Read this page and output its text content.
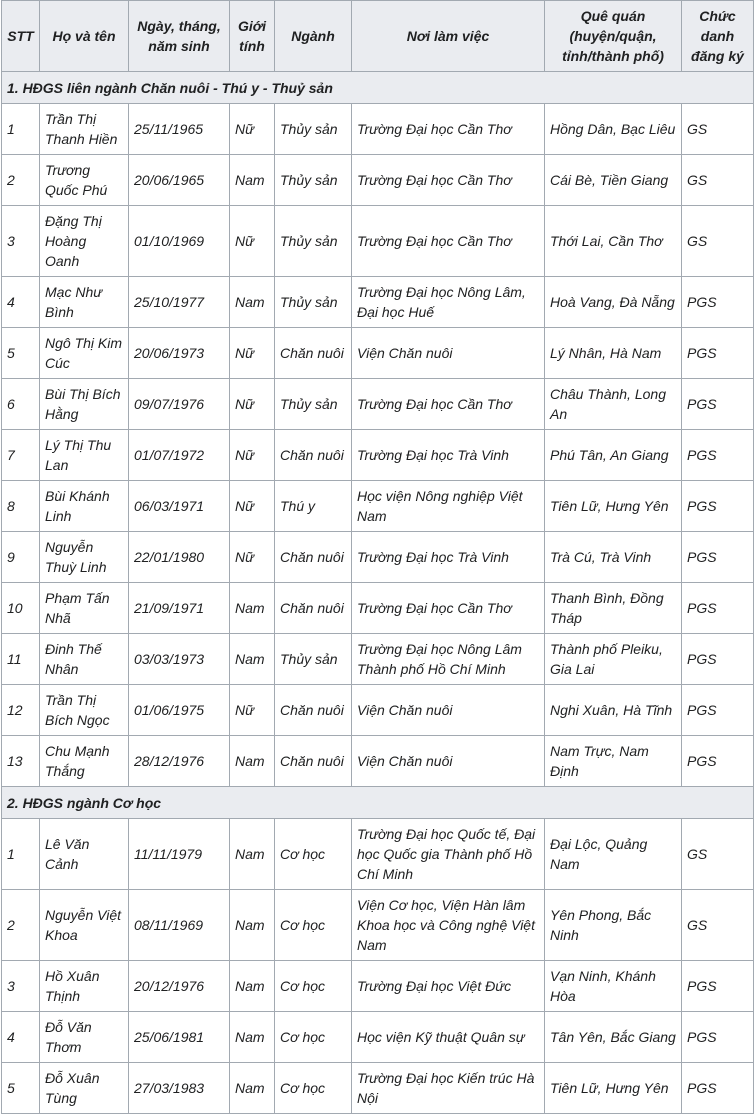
STT	Họ và tên	Ngày, tháng, năm sinh	Giới tính	Ngành	Nơi làm việc	Quê quán (huyện/quận, tỉnh/thành phố)	Chức danh đăng ký
1. HĐGS liên ngành Chăn nuôi - Thú y - Thuỷ sản							
1	Trần Thị Thanh Hiền	25/11/1965	Nữ	Thủy sản	Trường Đại học Cần Thơ	Hồng Dân, Bạc Liêu	GS
2	Trương Quốc Phú	20/06/1965	Nam	Thủy sản	Trường Đại học Cần Thơ	Cái Bè, Tiền Giang	GS
3	Đặng Thị Hoàng Oanh	01/10/1969	Nữ	Thủy sản	Trường Đại học Cần Thơ	Thới Lai, Cần Thơ	GS
4	Mạc Như Bình	25/10/1977	Nam	Thủy sản	Trường Đại học Nông Lâm, Đại học Huế	Hoà Vang, Đà Nẵng	PGS
5	Ngô Thị Kim Cúc	20/06/1973	Nữ	Chăn nuôi	Viện Chăn nuôi	Lý Nhân, Hà Nam	PGS
6	Bùi Thị Bích Hằng	09/07/1976	Nữ	Thủy sản	Trường Đại học Cần Thơ	Châu Thành, Long An	PGS
7	Lý Thị Thu Lan	01/07/1972	Nữ	Chăn nuôi	Trường Đại học Trà Vinh	Phú Tân, An Giang	PGS
8	Bùi Khánh Linh	06/03/1971	Nữ	Thú y	Học viện Nông nghiệp Việt Nam	Tiên Lữ, Hưng Yên	PGS
9	Nguyễn Thuỳ Linh	22/01/1980	Nữ	Chăn nuôi	Trường Đại học Trà Vinh	Trà Cú, Trà Vinh	PGS
10	Phạm Tấn Nhã	21/09/1971	Nam	Chăn nuôi	Trường Đại học Cần Thơ	Thanh Bình, Đồng Tháp	PGS
11	Đinh Thế Nhân	03/03/1973	Nam	Thủy sản	Trường Đại học Nông Lâm Thành phố Hồ Chí Minh	Thành phố Pleiku, Gia Lai	PGS
12	Trần Thị Bích Ngọc	01/06/1975	Nữ	Chăn nuôi	Viện Chăn nuôi	Nghi Xuân, Hà Tĩnh	PGS
13	Chu Mạnh Thắng	28/12/1976	Nam	Chăn nuôi	Viện Chăn nuôi	Nam Trực, Nam Định	PGS
2. HĐGS ngành Cơ học							
1	Lê Văn Cảnh	11/11/1979	Nam	Cơ học	Trường Đại học Quốc tế, Đại học Quốc gia Thành phố Hồ Chí Minh	Đại Lộc, Quảng Nam	GS
2	Nguyễn Việt Khoa	08/11/1969	Nam	Cơ học	Viện Cơ học, Viện Hàn lâm Khoa học và Công nghệ Việt Nam	Yên Phong, Bắc Ninh	GS
3	Hồ Xuân Thịnh	20/12/1976	Nam	Cơ học	Trường Đại học Việt Đức	Vạn Ninh, Khánh Hòa	PGS
4	Đỗ Văn Thơm	25/06/1981	Nam	Cơ học	Học viện Kỹ thuật Quân sự	Tân Yên, Bắc Giang	PGS
5	Đỗ Xuân Tùng	27/03/1983	Nam	Cơ học	Trường Đại học Kiến trúc Hà Nội	Tiên Lữ, Hưng Yên	PGS
